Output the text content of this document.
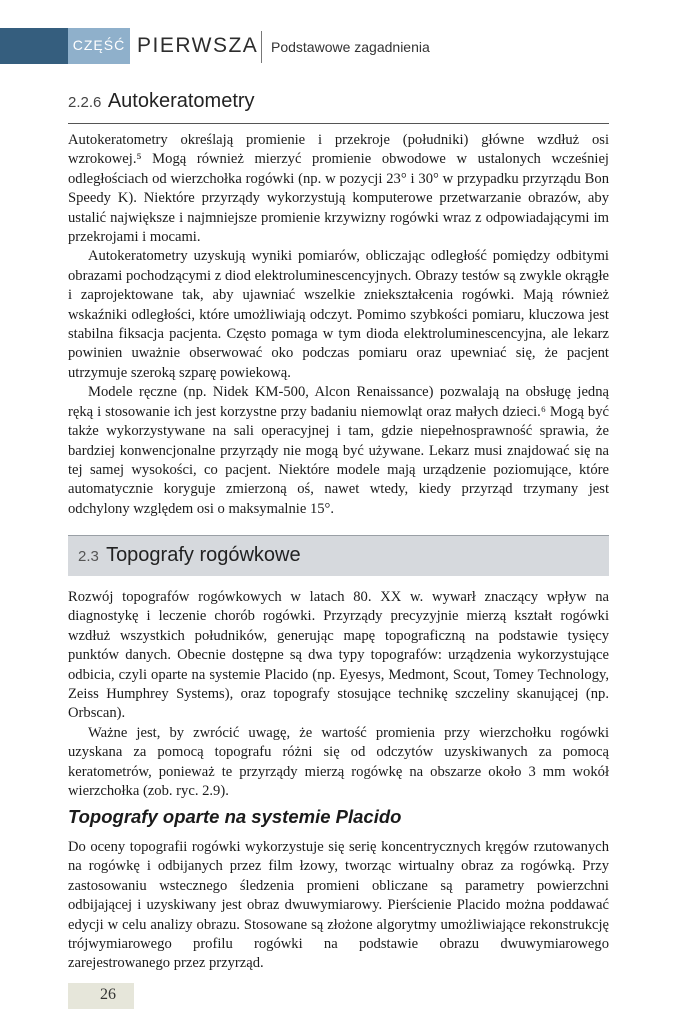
CZĘŚĆ PIERWSZA Podstawowe zagadnienia
2.2.6 Autokeratometry

Autokeratometry określają promienie i przekroje (południki) główne wzdłuż osi wzrokowej.⁵ Mogą również mierzyć promienie obwodowe w ustalonych wcześniej odległościach od wierzchołka rogówki (np. w pozycji 23° i 30° w przypadku przyrządu Bon Speedy K). Niektóre przyrządy wykorzystują komputerowe przetwarzanie obrazów, aby ustalić największe i najmniejsze promienie krzywizny rogówki wraz z odpowiadającymi im przekrojami i mocami.

Autokeratometry uzyskują wyniki pomiarów, obliczając odległość pomiędzy odbitymi obrazami pochodzącymi z diod elektroluminescencyjnych. Obrazy testów są zwykle okrągłe i zaprojektowane tak, aby ujawniać wszelkie zniekształcenia rogówki. Mają również wskaźniki odległości, które umożliwiają odczyt. Pomimo szybkości pomiaru, kluczowa jest stabilna fiksacja pacjenta. Często pomaga w tym dioda elektroluminescencyjna, ale lekarz powinien uważnie obserwować oko podczas pomiaru oraz upewniać się, że pacjent utrzymuje szeroką szparę powiekową.

Modele ręczne (np. Nidek KM-500, Alcon Renaissance) pozwalają na obsługę jedną ręką i stosowanie ich jest korzystne przy badaniu niemowląt oraz małych dzieci.⁶ Mogą być także wykorzystywane na sali operacyjnej i tam, gdzie niepełnosprawność sprawia, że bardziej konwencjonalne przyrządy nie mogą być używane. Lekarz musi znajdować się na tej samej wysokości, co pacjent. Niektóre modele mają urządzenie poziomujące, które automatycznie koryguje zmierzoną oś, nawet wtedy, kiedy przyrząd trzymany jest odchylony względem osi o maksymalnie 15°.

2.3 Topografy rogówkowe

Rozwój topografów rogówkowych w latach 80. XX w. wywarł znaczący wpływ na diagnostykę i leczenie chorób rogówki. Przyrządy precyzyjnie mierzą kształt rogówki wzdłuż wszystkich południków, generując mapę topograficzną na podstawie tysięcy punktów danych. Obecnie dostępne są dwa typy topografów: urządzenia wykorzystujące odbicia, czyli oparte na systemie Placido (np. Eyesys, Medmont, Scout, Tomey Technology, Zeiss Humphrey Systems), oraz topografy stosujące technikę szczeliny skanującej (np. Orbscan).

Ważne jest, by zwrócić uwagę, że wartość promienia przy wierzchołku rogówki uzyskana za pomocą topografu różni się od odczytów uzyskiwanych za pomocą keratometrów, ponieważ te przyrządy mierzą rogówkę na obszarze około 3 mm wokół wierzchołka (zob. ryc. 2.9).

Topografy oparte na systemie Placido

Do oceny topografii rogówki wykorzystuje się serię koncentrycznych kręgów rzutowanych na rogówkę i odbijanych przez film łzowy, tworząc wirtualny obraz za rogówką. Przy zastosowaniu wstecznego śledzenia promieni obliczane są parametry powierzchni odbijającej i uzyskiwany jest obraz dwuwymiarowy. Pierścienie Placido można poddawać edycji w celu analizy obrazu. Stosowane są złożone algorytmy umożliwiające rekonstrukcję trójwymiarowego profilu rogówki na podstawie obrazu dwuwymiarowego zarejestrowanego przez przyrząd.

26
